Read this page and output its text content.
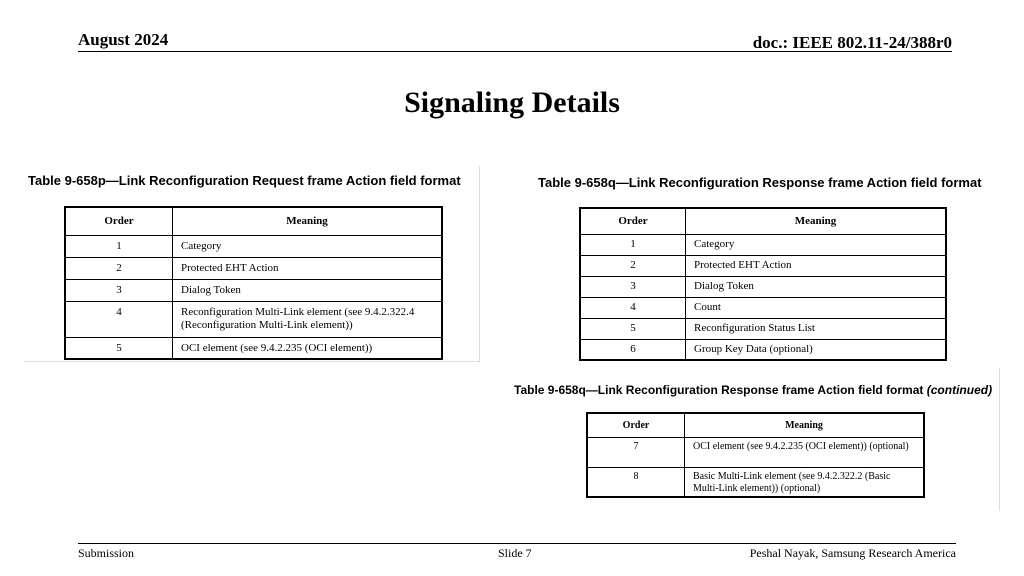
August 2024	doc.: IEEE 802.11-24/388r0
Signaling Details
Table 9-658p—Link Reconfiguration Request frame Action field format
Order	Meaning
1	Category
2	Protected EHT Action
3	Dialog Token
4	Reconfiguration Multi-Link element (see 9.4.2.322.4 (Reconfiguration Multi-Link element))
5	OCI element (see 9.4.2.235 (OCI element))
Table 9-658q—Link Reconfiguration Response frame Action field format
Order	Meaning
1	Category
2	Protected EHT Action
3	Dialog Token
4	Count
5	Reconfiguration Status List
6	Group Key Data (optional)
Table 9-658q—Link Reconfiguration Response frame Action field format (continued)
Order	Meaning
7	OCI element (see 9.4.2.235 (OCI element)) (optional)
8	Basic Multi-Link element (see 9.4.2.322.2 (Basic Multi-Link element)) (optional)
Submission	Slide 7	Peshal Nayak, Samsung Research America
